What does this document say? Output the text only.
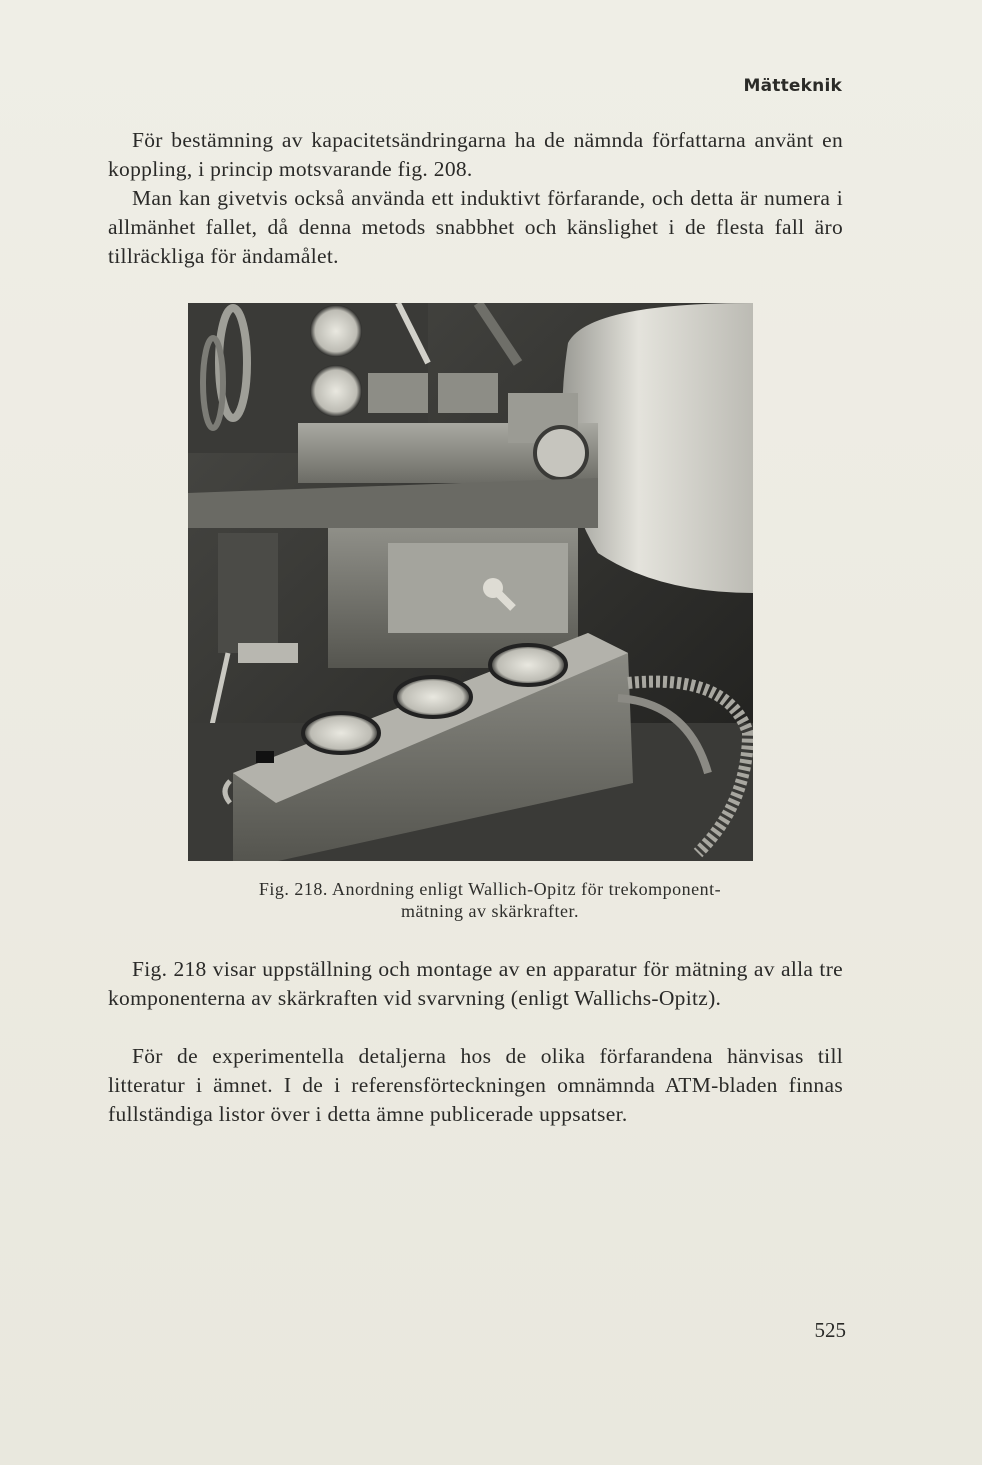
Mätteknik

För bestämning av kapacitetsändringarna ha de nämnda författarna använt en koppling, i princip motsvarande fig. 208.

Man kan givetvis också använda ett induktivt förfarande, och detta är numera i allmänhet fallet, då denna metods snabbhet och känslighet i de flesta fall äro tillräckliga för ändamålet.

Fig. 218. Anordning enligt Wallich-Opitz för trekomponent-
mätning av skärkrafter.

Fig. 218 visar uppställning och montage av en apparatur för mätning av alla tre komponenterna av skärkraften vid svarvning (enligt Wallichs-Opitz).

För de experimentella detaljerna hos de olika förfarandena hänvisas till litteratur i ämnet. I de i referensförteckningen omnämnda ATM-bladen finnas fullständiga listor över i detta ämne publicerade uppsatser.

525
